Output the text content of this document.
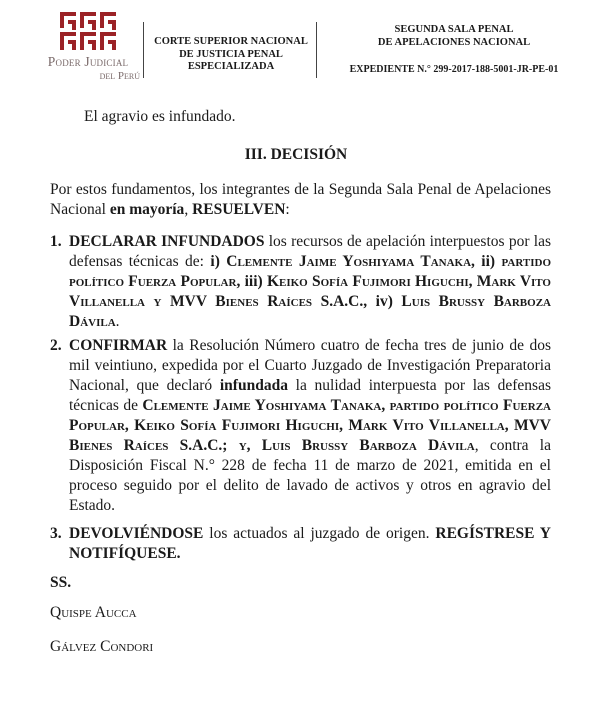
Poder Judicial
del Perú
CORTE SUPERIOR NACIONAL
DE JUSTICIA PENAL
ESPECIALIZADA
SEGUNDA SALA PENAL
DE APELACIONES NACIONAL
EXPEDIENTE N.° 299-2017-188-5001-JR-PE-01
El agravio es infundado.
III. DECISIÓN
Por estos fundamentos, los integrantes de la Segunda Sala Penal de Apelaciones Nacional en mayoría, RESUELVEN:
1. DECLARAR INFUNDADOS los recursos de apelación interpuestos por las defensas técnicas de: i) Clemente Jaime Yoshiyama Tanaka, ii) partido político Fuerza Popular, iii) Keiko Sofía Fujimori Higuchi, Mark Vito Villanella y MVV Bienes Raíces S.A.C., iv) Luis Brussy Barboza Dávila.
2. CONFIRMAR la Resolución Número cuatro de fecha tres de junio de dos mil veintiuno, expedida por el Cuarto Juzgado de Investigación Preparatoria Nacional, que declaró infundada la nulidad interpuesta por las defensas técnicas de Clemente Jaime Yoshiyama Tanaka, partido político Fuerza Popular, Keiko Sofía Fujimori Higuchi, Mark Vito Villanella, MVV Bienes Raíces S.A.C.; y, Luis Brussy Barboza Dávila, contra la Disposición Fiscal N.° 228 de fecha 11 de marzo de 2021, emitida en el proceso seguido por el delito de lavado de activos y otros en agravio del Estado.
3. DEVOLVIÉNDOSE los actuados al juzgado de origen. REGÍSTRESE Y NOTIFÍQUESE.
SS.
Quispe Aucca
Gálvez Condori
